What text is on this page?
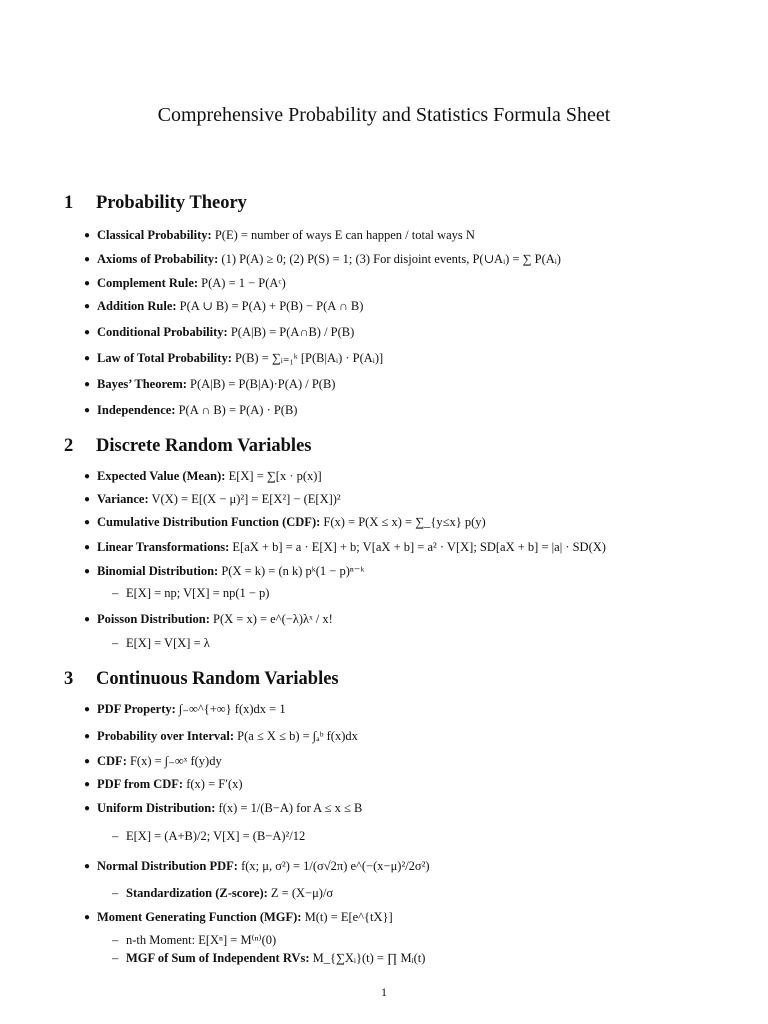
Comprehensive Probability and Statistics Formula Sheet
1 Probability Theory
● Classical Probability: P(E) = number of ways E can happen / total ways N
● Axioms of Probability: (1) P(A) ≥ 0; (2) P(S) = 1; (3) For disjoint events, P(∪Aᵢ) = ∑ P(Aᵢ)
● Complement Rule: P(A) = 1 − P(Aᶜ)
● Addition Rule: P(A ∪ B) = P(A) + P(B) − P(A ∩ B)
● Conditional Probability: P(A|B) = P(A∩B) / P(B)
● Law of Total Probability: P(B) = ∑ᵢ₌₁ᵏ [P(B|Aᵢ) · P(Aᵢ)]
● Bayes’ Theorem: P(A|B) = P(B|A)·P(A) / P(B)
● Independence: P(A ∩ B) = P(A) · P(B)
2 Discrete Random Variables
● Expected Value (Mean): E[X] = ∑[x · p(x)]
● Variance: V(X) = E[(X − μ)²] = E[X²] − (E[X])²
● Cumulative Distribution Function (CDF): F(x) = P(X ≤ x) = ∑_{y≤x} p(y)
● Linear Transformations: E[aX + b] = a · E[X] + b; V[aX + b] = a² · V[X]; SD[aX + b] = |a| · SD(X)
● Binomial Distribution: P(X = k) = (n k) pᵏ(1 − p)ⁿ⁻ᵏ
– E[X] = np; V[X] = np(1 − p)
● Poisson Distribution: P(X = x) = e^(−λ)λˣ / x!
– E[X] = V[X] = λ
3 Continuous Random Variables
● PDF Property: ∫₋∞^{+∞} f(x)dx = 1
● Probability over Interval: P(a ≤ X ≤ b) = ∫ₐᵇ f(x)dx
● CDF: F(x) = ∫₋∞ˣ f(y)dy
● PDF from CDF: f(x) = F′(x)
● Uniform Distribution: f(x) = 1/(B−A) for A ≤ x ≤ B
– E[X] = (A+B)/2; V[X] = (B−A)²/12
● Normal Distribution PDF: f(x; μ, σ²) = 1/(σ√2π) e^(−(x−μ)²/2σ²)
– Standardization (Z-score): Z = (X−μ)/σ
● Moment Generating Function (MGF): M(t) = E[e^{tX}]
– n-th Moment: E[Xⁿ] = M⁽ⁿ⁾(0)
– MGF of Sum of Independent RVs: M_{∑Xᵢ}(t) = ∏ Mᵢ(t)
1
